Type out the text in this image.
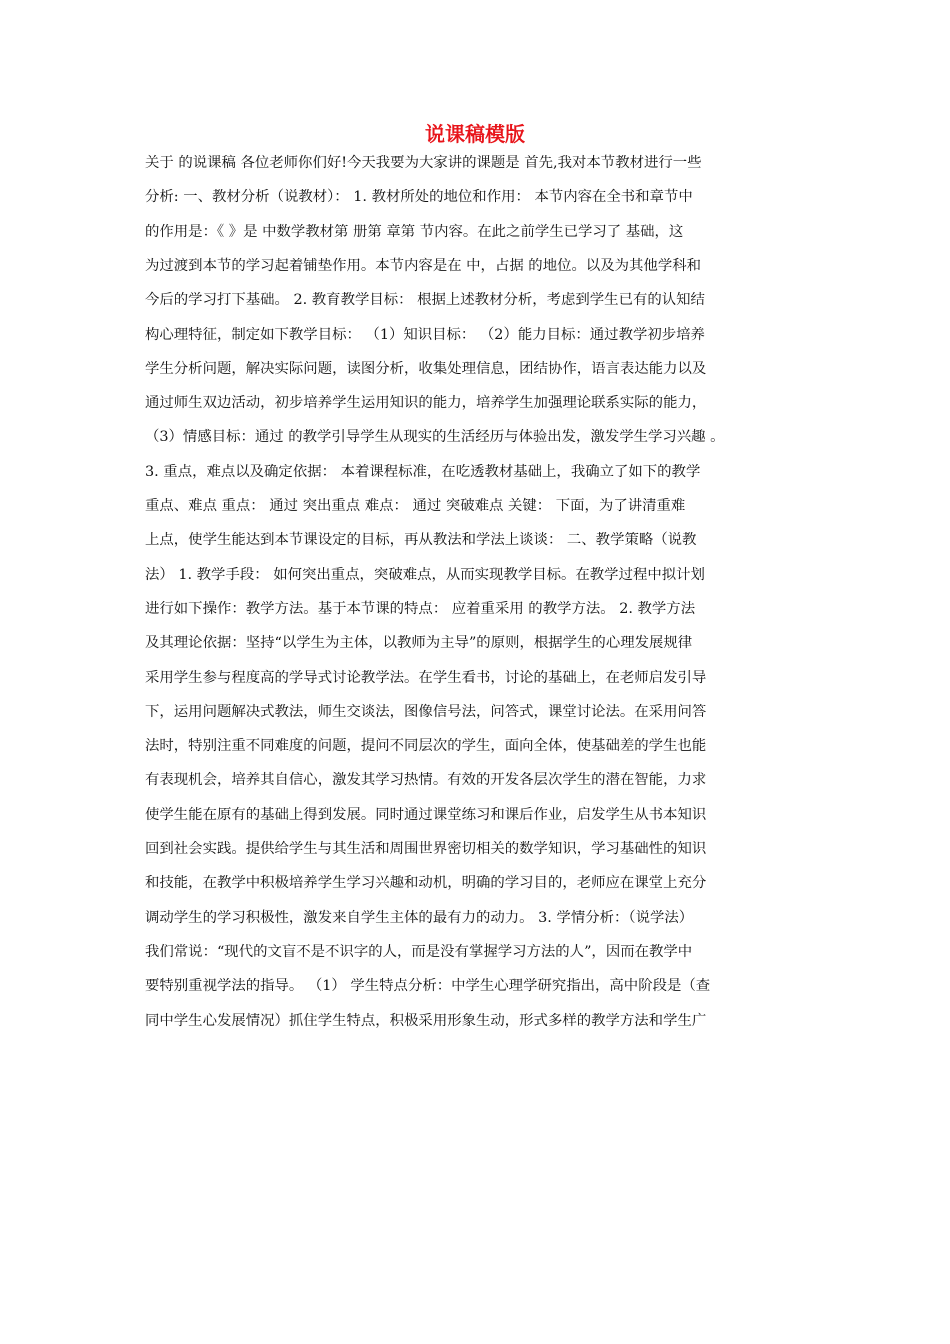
说课稿模版
关于 的说课稿 各位老师你们好!今天我要为大家讲的课题是 首先,我对本节教材进行一些
分析: 一、教材分析（说教材）： 1. 教材所处的地位和作用： 本节内容在全书和章节中
的作用是：《 》是 中数学教材第 册第 章第 节内容。在此之前学生已学习了 基础，这
为过渡到本节的学习起着铺垫作用。本节内容是在 中，占据 的地位。以及为其他学科和
今后的学习打下基础。 2. 教育教学目标： 根据上述教材分析，考虑到学生已有的认知结
构心理特征，制定如下教学目标： （1）知识目标： （2）能力目标：通过教学初步培养
学生分析问题，解决实际问题，读图分析，收集处理信息，团结协作，语言表达能力以及
通过师生双边活动，初步培养学生运用知识的能力，培养学生加强理论联系实际的能力，
（3）情感目标：通过 的教学引导学生从现实的生活经历与体验出发，激发学生学习兴趣 。
3. 重点，难点以及确定依据： 本着课程标准，在吃透教材基础上，我确立了如下的教学
重点、难点 重点： 通过 突出重点 难点： 通过 突破难点 关键： 下面，为了讲清重难
上点，使学生能达到本节课设定的目标，再从教法和学法上谈谈： 二、教学策略（说教
法） 1. 教学手段： 如何突出重点，突破难点，从而实现教学目标。在教学过程中拟计划
进行如下操作：教学方法。基于本节课的特点： 应着重采用 的教学方法。 2. 教学方法
及其理论依据：坚持“以学生为主体，以教师为主导”的原则，根据学生的心理发展规律
采用学生参与程度高的学导式讨论教学法。在学生看书，讨论的基础上，在老师启发引导
下，运用问题解决式教法，师生交谈法，图像信号法，问答式，课堂讨论法。在采用问答
法时，特别注重不同难度的问题，提问不同层次的学生，面向全体，使基础差的学生也能
有表现机会，培养其自信心，激发其学习热情。有效的开发各层次学生的潜在智能，力求
使学生能在原有的基础上得到发展。同时通过课堂练习和课后作业，启发学生从书本知识
回到社会实践。提供给学生与其生活和周围世界密切相关的数学知识，学习基础性的知识
和技能，在教学中积极培养学生学习兴趣和动机，明确的学习目的，老师应在课堂上充分
调动学生的学习积极性，激发来自学生主体的最有力的动力。 3. 学情分析：（说学法）
我们常说：“现代的文盲不是不识字的人，而是没有掌握学习方法的人”，因而在教学中
要特别重视学法的指导。 （1） 学生特点分析：中学生心理学研究指出，高中阶段是（查
同中学生心发展情况）抓住学生特点，积极采用形象生动，形式多样的教学方法和学生广
